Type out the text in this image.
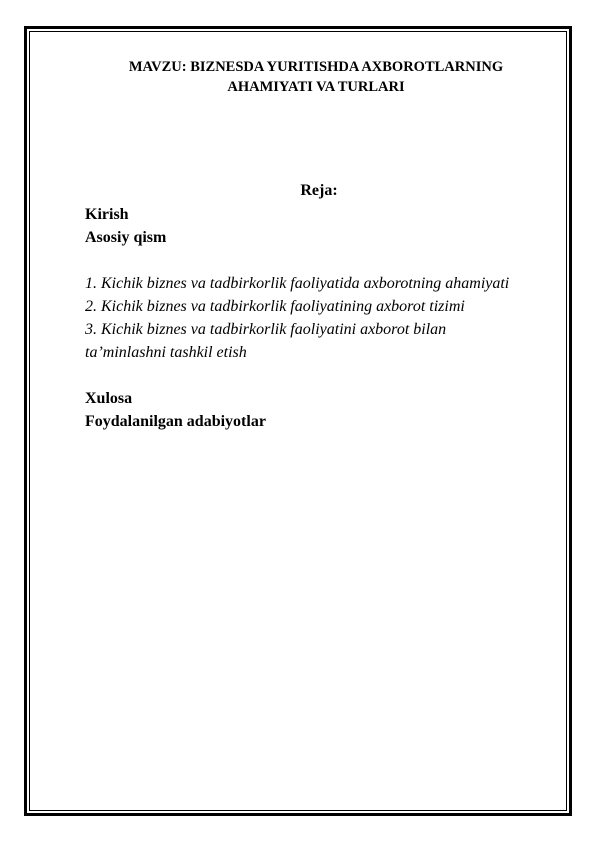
MAVZU: BIZNESDA YURITISHDA AXBOROTLARNING AHAMIYATI VA TURLARI

Reja:

Kirish

Asosiy qism

1. Kichik biznes va tadbirkorlik faoliyatida axborotning ahamiyati

2. Kichik biznes va tadbirkorlik faoliyatining axborot tizimi

3. Kichik biznes va tadbirkorlik faoliyatini axborot bilan ta’minlashni tashkil etish

Xulosa

Foydalanilgan adabiyotlar
